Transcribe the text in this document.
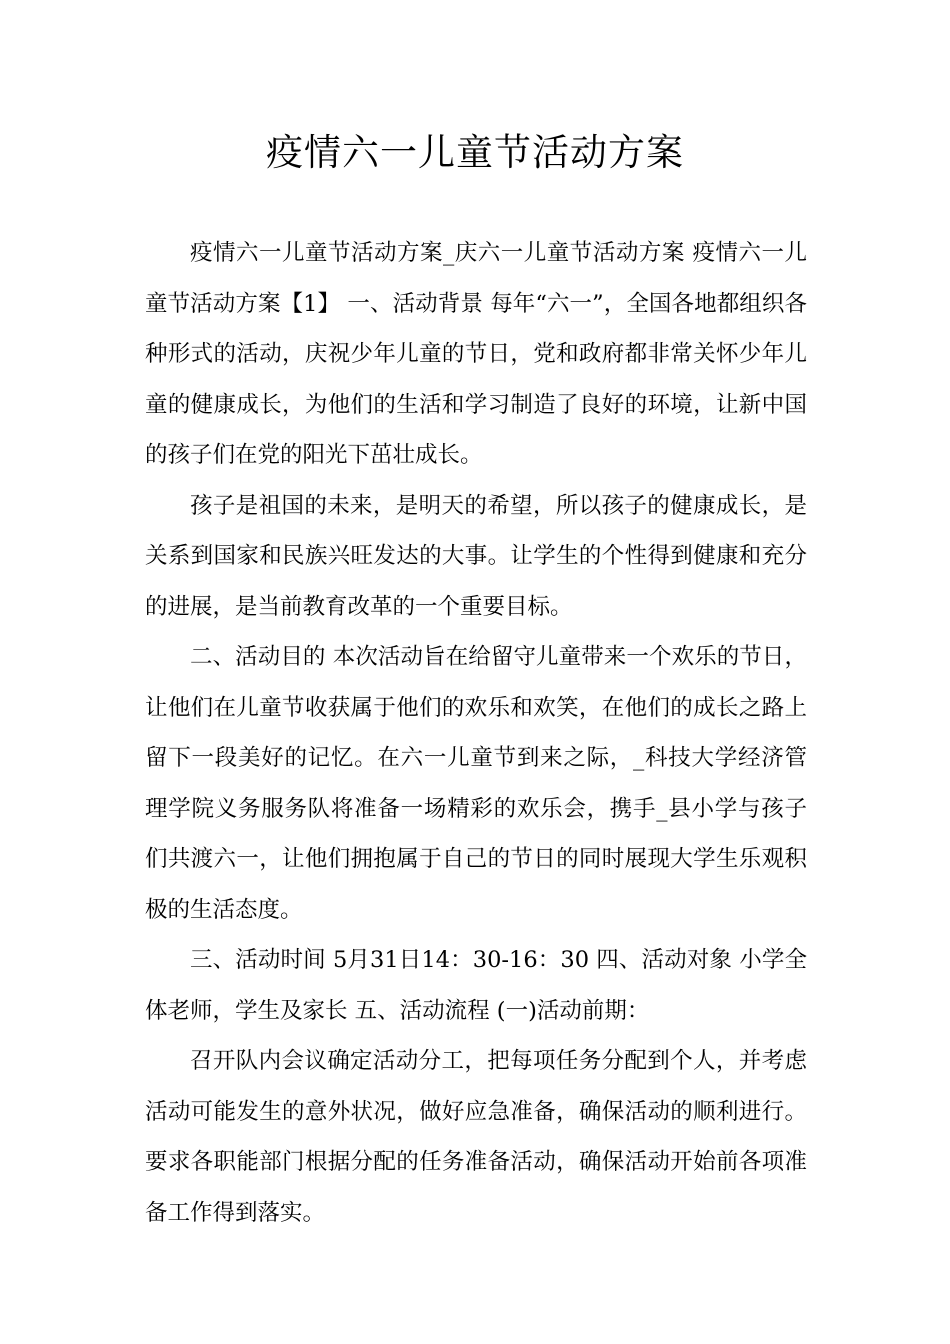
疫情六一儿童节活动方案

疫情六一儿童节活动方案_庆六一儿童节活动方案 疫情六一儿童节活动方案【1】 一、活动背景 每年“六一”，全国各地都组织各种形式的活动，庆祝少年儿童的节日，党和政府都非常关怀少年儿童的健康成长，为他们的生活和学习制造了良好的环境，让新中国的孩子们在党的阳光下茁壮成长。

孩子是祖国的未来，是明天的希望，所以孩子的健康成长，是关系到国家和民族兴旺发达的大事。让学生的个性得到健康和充分的进展，是当前教育改革的一个重要目标。

二、活动目的 本次活动旨在给留守儿童带来一个欢乐的节日，让他们在儿童节收获属于他们的欢乐和欢笑，在他们的成长之路上留下一段美好的记忆。在六一儿童节到来之际，_科技大学经济管理学院义务服务队将准备一场精彩的欢乐会，携手_县小学与孩子们共渡六一，让他们拥抱属于自己的节日的同时展现大学生乐观积极的生活态度。

三、活动时间 5月31日14：30-16：30 四、活动对象 小学全体老师，学生及家长 五、活动流程 (一)活动前期：

召开队内会议确定活动分工，把每项任务分配到个人，并考虑活动可能发生的意外状况，做好应急准备，确保活动的顺利进行。要求各职能部门根据分配的任务准备活动，确保活动开始前各项准备工作得到落实。
